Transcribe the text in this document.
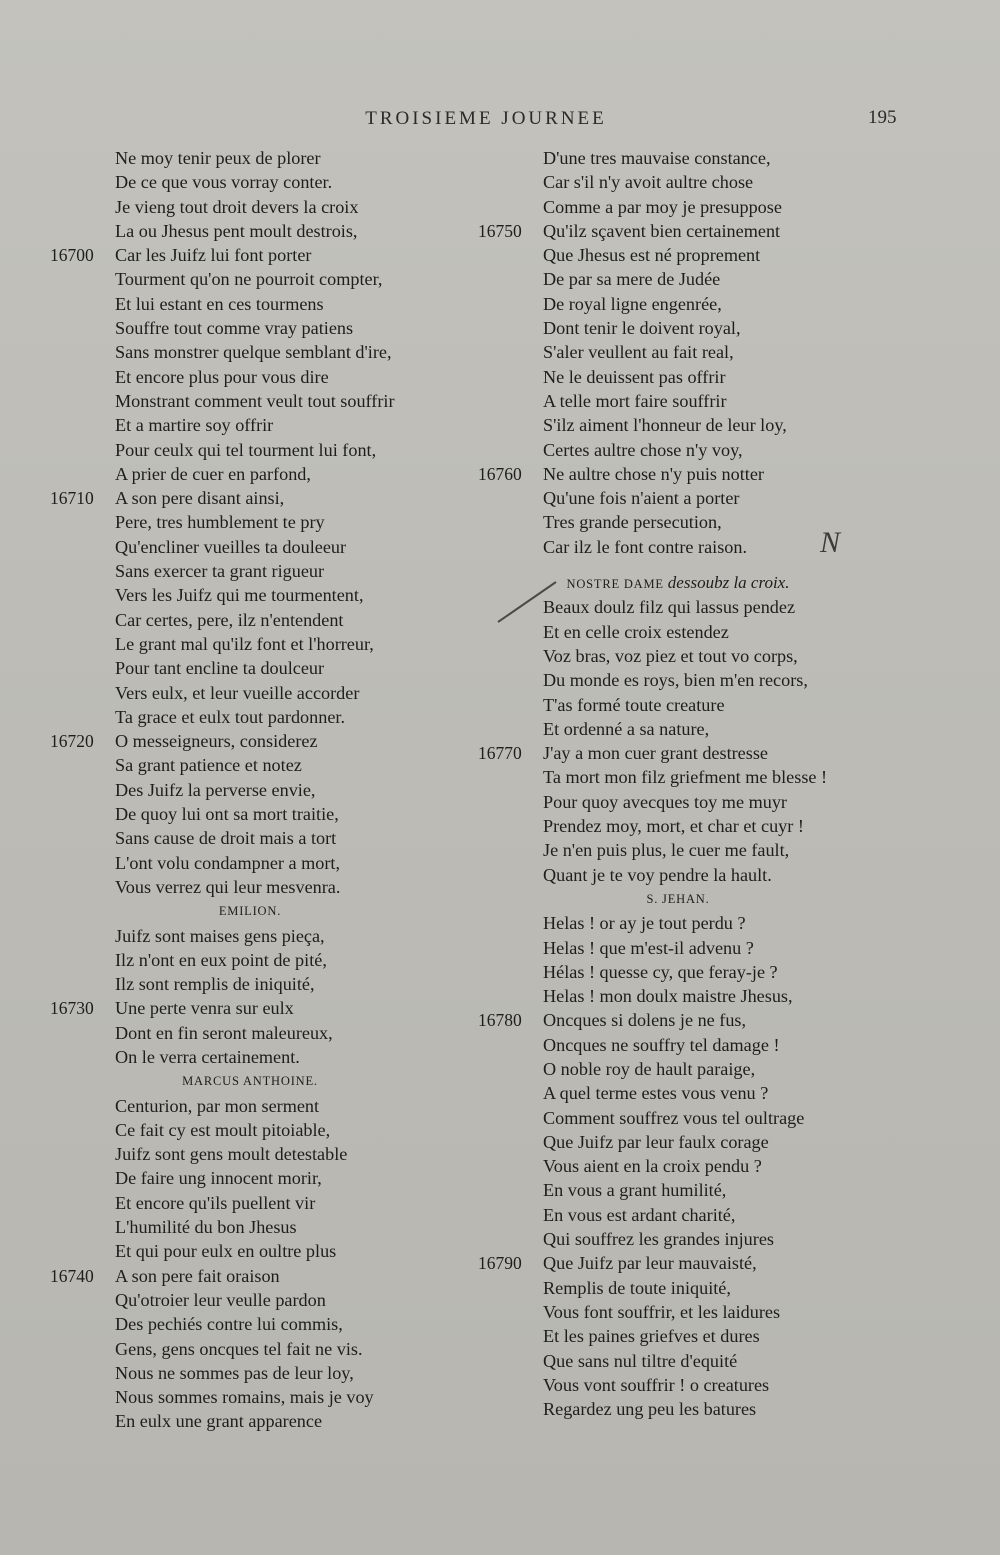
TROISIEME JOURNEE	195
Ne moy tenir peux de plorer
De ce que vous vorray conter.
Je vieng tout droit devers la croix
La ou Jhesus pent moult destrois,
16700	Car les Juifz lui font porter
Tourment qu'on ne pourroit compter,
Et lui estant en ces tourmens
Souffre tout comme vray patiens
Sans monstrer quelque semblant d'ire,
Et encore plus pour vous dire
Monstrant comment veult tout souffrir
Et a martire soy offrir
Pour ceulx qui tel tourment lui font,
A prier de cuer en parfond,
16710	A son pere disant ainsi,
Pere, tres humblement te pry
Qu'encliner vueilles ta douleeur
Sans exercer ta grant rigueur
Vers les Juifz qui me tourmentent,
Car certes, pere, ilz n'entendent
Le grant mal qu'ilz font et l'horreur,
Pour tant encline ta doulceur
Vers eulx, et leur vueille accorder
Ta grace et eulx tout pardonner.
16720	O messeigneurs, considerez
Sa grant patience et notez
Des Juifz la perverse envie,
De quoy lui ont sa mort traitie,
Sans cause de droit mais a tort
L'ont volu condampner a mort,
Vous verrez qui leur mesvenra.
EMILION.
Juifz sont maises gens pieça,
Ilz n'ont en eux point de pité,
Ilz sont remplis de iniquité,
16730	Une perte venra sur eulx
Dont en fin seront maleureux,
On le verra certainement.
MARCUS ANTHOINE.
Centurion, par mon serment
Ce fait cy est moult pitoiable,
Juifz sont gens moult detestable
De faire ung innocent morir,
Et encore qu'ils puellent vir
L'humilité du bon Jhesus
Et qui pour eulx en oultre plus
16740	A son pere fait oraison
Qu'otroier leur veulle pardon
Des pechiés contre lui commis,
Gens, gens oncques tel fait ne vis.
Nous ne sommes pas de leur loy,
Nous sommes romains, mais je voy
En eulx une grant apparence
D'une tres mauvaise constance,
Car s'il n'y avoit aultre chose
Comme a par moy je presuppose
16750	Qu'ilz sçavent bien certainement
Que Jhesus est né proprement
De par sa mere de Judée
De royal ligne engenrée,
Dont tenir le doivent royal,
S'aler veullent au fait real,
Ne le deuissent pas offrir
A telle mort faire souffrir
S'ilz aiment l'honneur de leur loy,
Certes aultre chose n'y voy,
16760	Ne aultre chose n'y puis notter
Qu'une fois n'aient a porter
Tres grande persecution,
Car ilz le font contre raison.
NOSTRE DAME dessoubz la croix.
Beaux doulz filz qui lassus pendez
Et en celle croix estendez
Voz bras, voz piez et tout vo corps,
Du monde es roys, bien m'en recors,
T'as formé toute creature
Et ordenné a sa nature,
16770	J'ay a mon cuer grant destresse
Ta mort mon filz griefment me blesse !
Pour quoy avecques toy me muyr
Prendez moy, mort, et char et cuyr !
Je n'en puis plus, le cuer me fault,
Quant je te voy pendre la hault.
S. JEHAN.
Helas ! or ay je tout perdu ?
Helas ! que m'est-il advenu ?
Hélas ! quesse cy, que feray-je ?
Helas ! mon doulx maistre Jhesus,
16780	Oncques si dolens je ne fus,
Oncques ne souffry tel damage !
O noble roy de hault paraige,
A quel terme estes vous venu ?
Comment souffrez vous tel oultrage
Que Juifz par leur faulx corage
Vous aient en la croix pendu ?
En vous a grant humilité,
En vous est ardant charité,
Qui souffrez les grandes injures
16790	Que Juifz par leur mauvaisté,
Remplis de toute iniquité,
Vous font souffrir, et les laidures
Et les paines griefves et dures
Que sans nul tiltre d'equité
Vous vont souffrir ! o creatures
Regardez ung peu les batures
N
